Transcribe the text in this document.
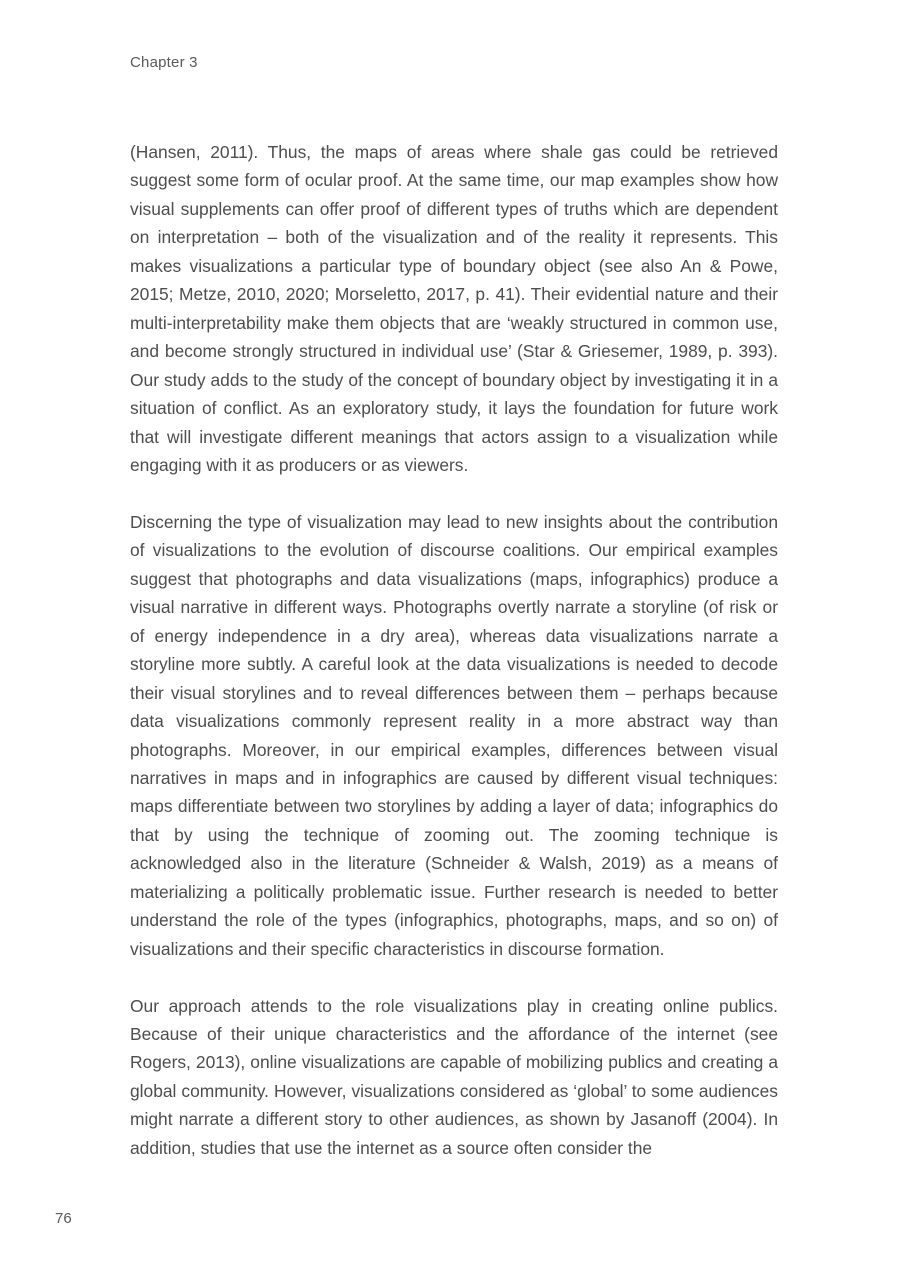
Chapter 3

(Hansen, 2011). Thus, the maps of areas where shale gas could be retrieved suggest some form of ocular proof. At the same time, our map examples show how visual supplements can offer proof of different types of truths which are dependent on interpretation – both of the visualization and of the reality it represents. This makes visualizations a particular type of boundary object (see also An & Powe, 2015; Metze, 2010, 2020; Morseletto, 2017, p. 41). Their evidential nature and their multi-interpretability make them objects that are ‘weakly structured in common use, and become strongly structured in individual use’ (Star & Griesemer, 1989, p. 393). Our study adds to the study of the concept of boundary object by investigating it in a situation of conflict. As an exploratory study, it lays the foundation for future work that will investigate different meanings that actors assign to a visualization while engaging with it as producers or as viewers.

Discerning the type of visualization may lead to new insights about the contribution of visualizations to the evolution of discourse coalitions. Our empirical examples suggest that photographs and data visualizations (maps, infographics) produce a visual narrative in different ways. Photographs overtly narrate a storyline (of risk or of energy independence in a dry area), whereas data visualizations narrate a storyline more subtly. A careful look at the data visualizations is needed to decode their visual storylines and to reveal differences between them – perhaps because data visualizations commonly represent reality in a more abstract way than photographs. Moreover, in our empirical examples, differences between visual narratives in maps and in infographics are caused by different visual techniques: maps differentiate between two storylines by adding a layer of data; infographics do that by using the technique of zooming out. The zooming technique is acknowledged also in the literature (Schneider & Walsh, 2019) as a means of materializing a politically problematic issue. Further research is needed to better understand the role of the types (infographics, photographs, maps, and so on) of visualizations and their specific characteristics in discourse formation.

Our approach attends to the role visualizations play in creating online publics. Because of their unique characteristics and the affordance of the internet (see Rogers, 2013), online visualizations are capable of mobilizing publics and creating a global community. However, visualizations considered as ‘global’ to some audiences might narrate a different story to other audiences, as shown by Jasanoff (2004). In addition, studies that use the internet as a source often consider the

76
